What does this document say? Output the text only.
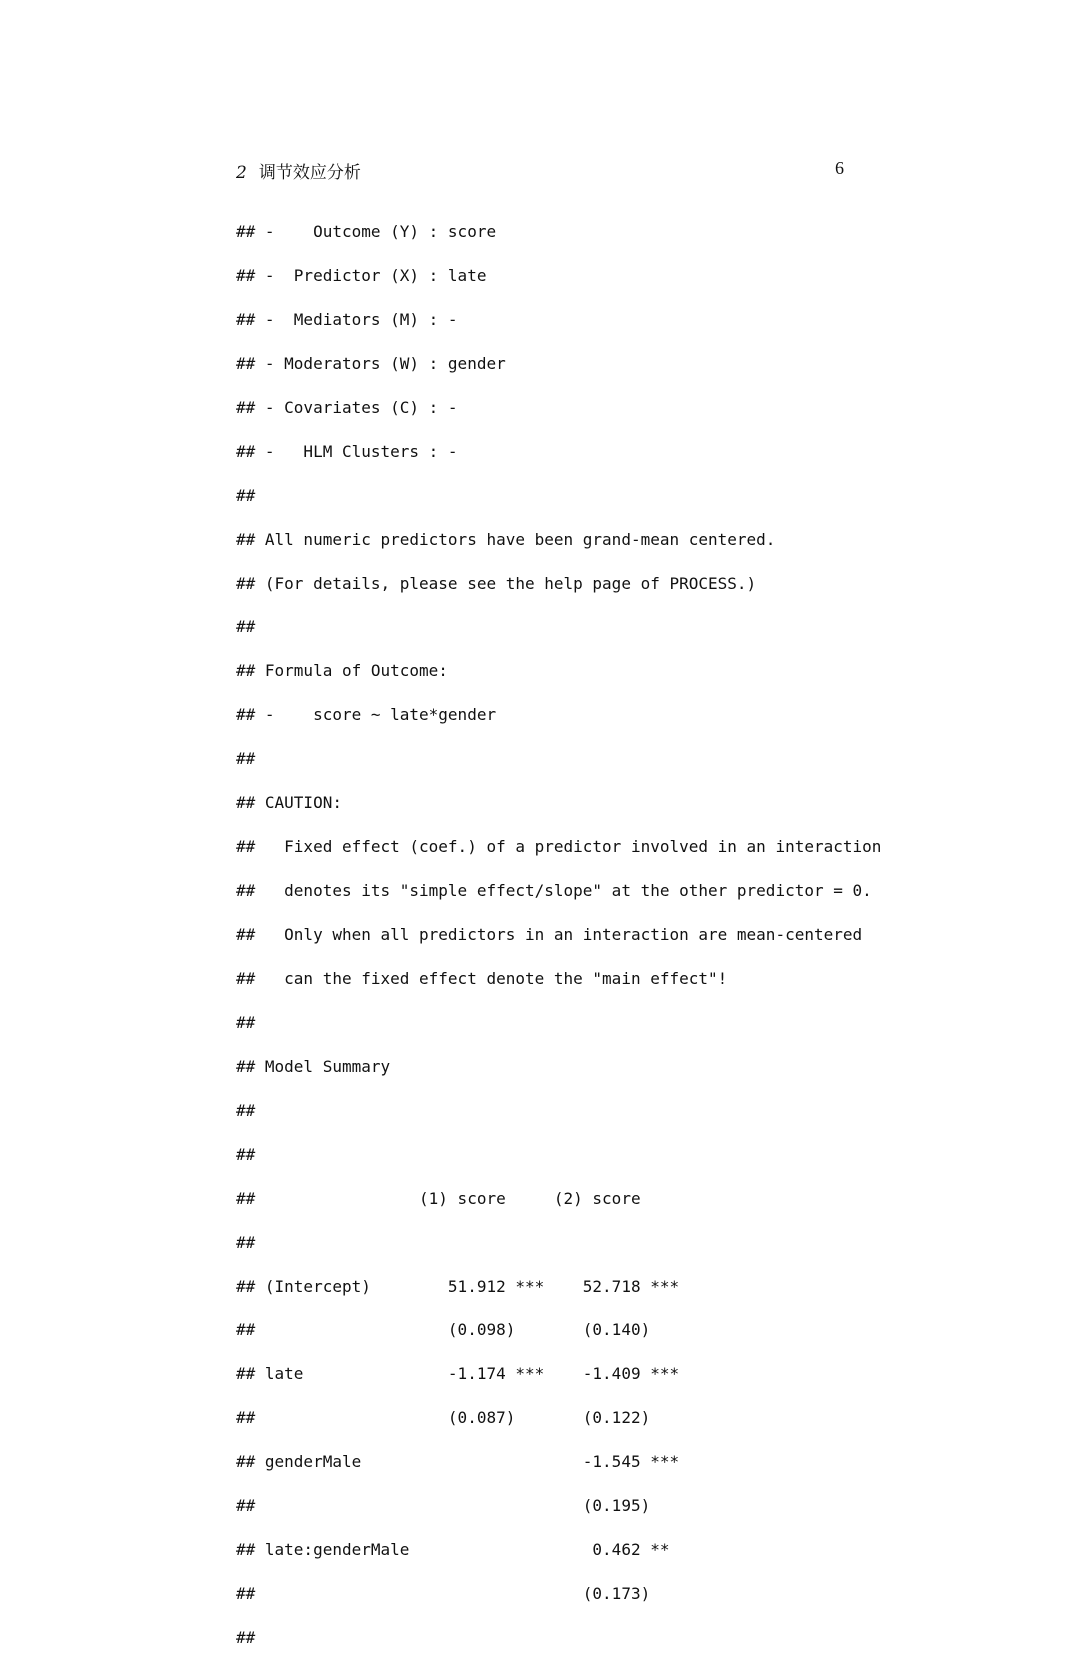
2 调节效应分析	6
## -    Outcome (Y) : score

## -  Predictor (X) : late

## -  Mediators (M) : -

## - Moderators (W) : gender

## - Covariates (C) : -

## -   HLM Clusters : -

##

## All numeric predictors have been grand-mean centered.

## (For details, please see the help page of PROCESS.)

##

## Formula of Outcome:

## -    score ~ late*gender

##

## CAUTION:

##   Fixed effect (coef.) of a predictor involved in an interaction

##   denotes its "simple effect/slope" at the other predictor = 0.

##   Only when all predictors in an interaction are mean-centered

##   can the fixed effect denote the "main effect"!

##

## Model Summary

##

##

##                 (1) score     (2) score

##

## (Intercept)        51.912 ***    52.718 ***

##                    (0.098)       (0.140)

## late               -1.174 ***    -1.409 ***

##                    (0.087)       (0.122)

## genderMale                       -1.545 ***

##                                  (0.195)

## late:genderMale                   0.462 **

##                                  (0.173)

##
